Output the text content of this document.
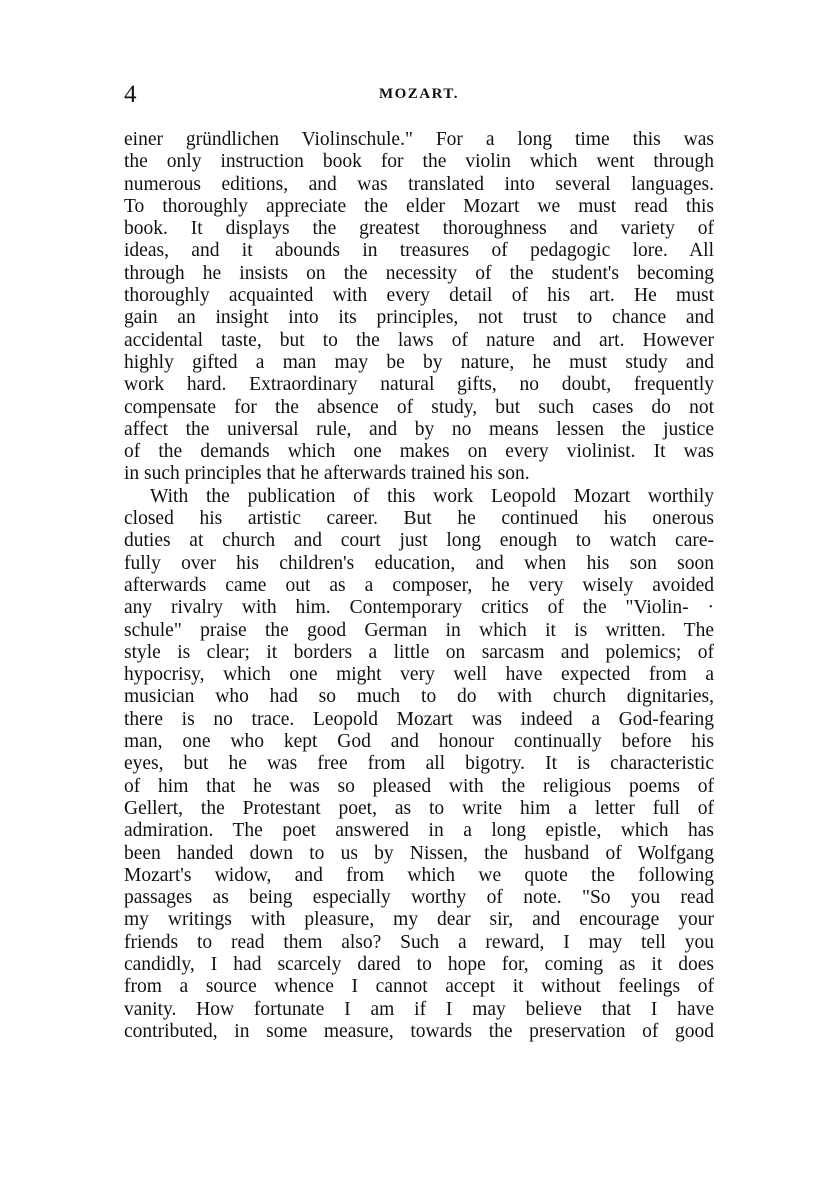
4	MOZART.
einer gründlichen Violinschule." For a long time this was
the only instruction book for the violin which went through
numerous editions, and was translated into several languages.
To thoroughly appreciate the elder Mozart we must read this
book. It displays the greatest thoroughness and variety of
ideas, and it abounds in treasures of pedagogic lore. All
through he insists on the necessity of the student's becoming
thoroughly acquainted with every detail of his art. He must
gain an insight into its principles, not trust to chance and
accidental taste, but to the laws of nature and art. However
highly gifted a man may be by nature, he must study and
work hard. Extraordinary natural gifts, no doubt, frequently
compensate for the absence of study, but such cases do not
affect the universal rule, and by no means lessen the justice
of the demands which one makes on every violinist. It was
in such principles that he afterwards trained his son.
With the publication of this work Leopold Mozart worthily
closed his artistic career. But he continued his onerous
duties at church and court just long enough to watch care-
fully over his children's education, and when his son soon
afterwards came out as a composer, he very wisely avoided
any rivalry with him. Contemporary critics of the "Violin- ·
schule" praise the good German in which it is written. The
style is clear; it borders a little on sarcasm and polemics; of
hypocrisy, which one might very well have expected from a
musician who had so much to do with church dignitaries,
there is no trace. Leopold Mozart was indeed a God-fearing
man, one who kept God and honour continually before his
eyes, but he was free from all bigotry. It is characteristic
of him that he was so pleased with the religious poems of
Gellert, the Protestant poet, as to write him a letter full of
admiration. The poet answered in a long epistle, which has
been handed down to us by Nissen, the husband of Wolfgang
Mozart's widow, and from which we quote the following
passages as being especially worthy of note. "So you read
my writings with pleasure, my dear sir, and encourage your
friends to read them also? Such a reward, I may tell you
candidly, I had scarcely dared to hope for, coming as it does
from a source whence I cannot accept it without feelings of
vanity. How fortunate I am if I may believe that I have
contributed, in some measure, towards the preservation of good
